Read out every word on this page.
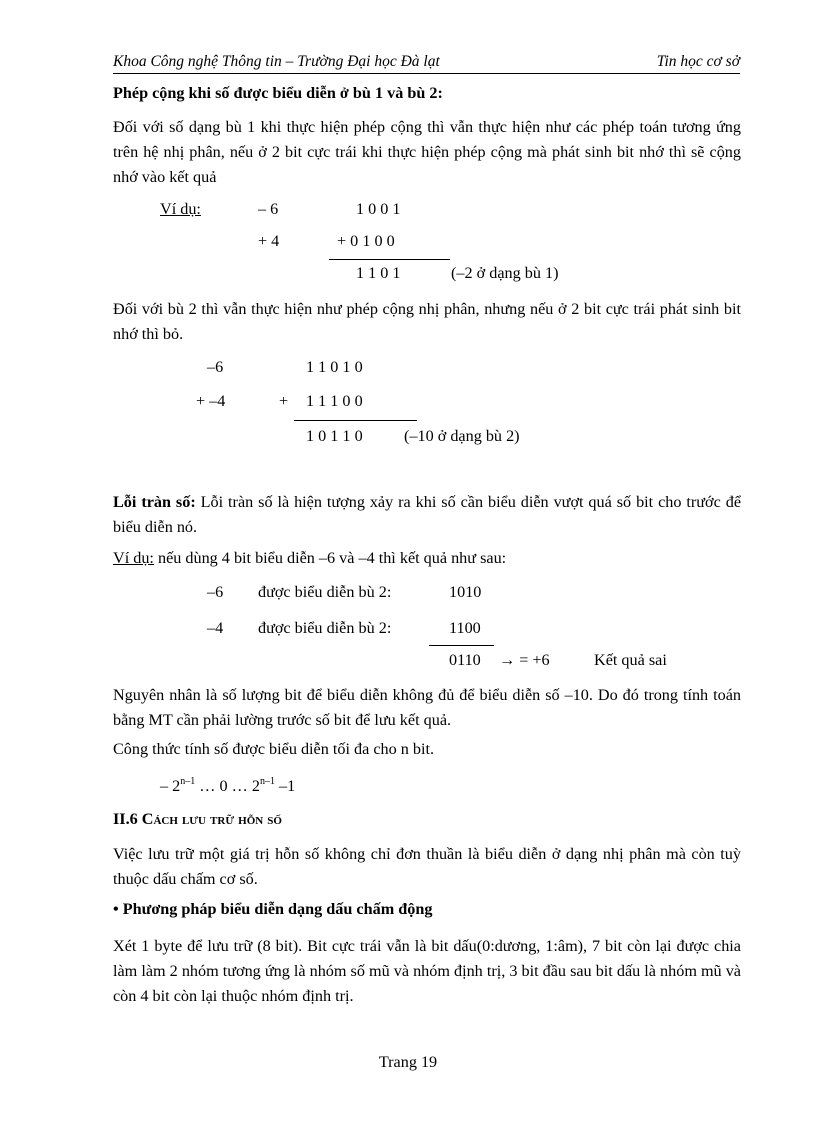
Khoa Công nghệ Thông tin – Trường Đại học Đà lạt	Tin học cơ sở
Phép cộng khi số được biểu diễn ở bù 1 và bù 2:
Đối với số dạng bù 1 khi thực hiện phép cộng thì vẫn thực hiện như các phép toán tương ứng trên hệ nhị phân, nếu ở 2 bit cực trái khi thực hiện phép cộng mà phát sinh bit nhớ thì sẽ cộng nhớ vào kết quả
Ví dụ:	– 6	1 0 0 1
+ 4	+ 0 1 0 0
1 1 0 1	(–2 ở dạng bù 1)
Đối với bù 2 thì vẫn thực hiện như phép cộng nhị phân, nhưng nếu ở 2 bit cực trái phát sinh bit nhớ thì bỏ.
–6	1 1 0 1 0
+ –4	+ 1 1 1 0 0
1 0 1 1 0	(–10 ở dạng bù 2)
Lỗi tràn số: Lỗi tràn số là hiện tượng xảy ra khi số cần biểu diễn vượt quá số bit cho trước để biểu diễn nó.
Ví dụ: nếu dùng 4 bit biểu diễn –6 và –4 thì kết quả như sau:
–6 được biểu diễn bù 2:	1010
–4 được biểu diễn bù 2:	1100
0110 → = +6	Kết quả sai
Nguyên nhân là số lượng bit để biểu diễn không đủ để biểu diễn số –10. Do đó trong tính toán bằng MT cần phải lường trước số bit để lưu kết quả.
Công thức tính số được biểu diễn tối đa cho n bit.
– 2$^{n-1}$ … 0 … 2$^{n-1}$ –1
II.6 Cách lưu trữ hỗn số
Việc lưu trữ một giá trị hỗn số không chỉ đơn thuần là biểu diễn ở dạng nhị phân mà còn tuỳ thuộc dấu chấm cơ số.
• Phương pháp biểu diễn dạng dấu chấm động
Xét 1 byte để lưu trữ (8 bit). Bit cực trái vẫn là bit dấu(0:dương, 1:âm), 7 bit còn lại được chia làm làm 2 nhóm tương ứng là nhóm số mũ và nhóm định trị, 3 bit đầu sau bit dấu là nhóm mũ và còn 4 bit còn lại thuộc nhóm định trị.
Trang 19
